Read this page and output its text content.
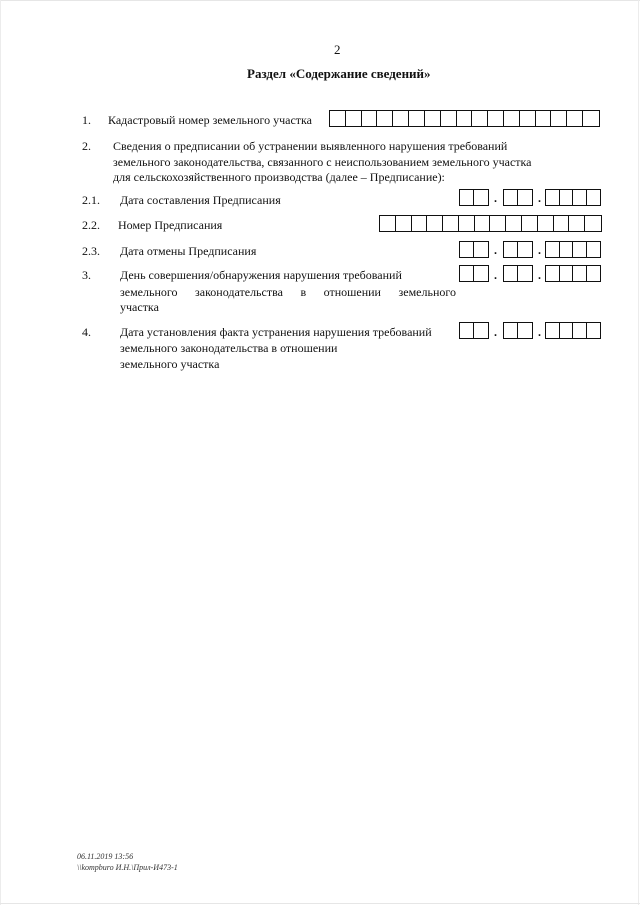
2
Раздел «Содержание сведений»
1. Кадастровый номер земельного участка
2. Сведения о предписании об устранении выявленного нарушения требований
земельного законодательства, связанного с неиспользованием земельного участка
для сельскохозяйственного производства (далее – Предписание):
2.1. Дата составления Предписания	.	.
2.2. Номер Предписания
2.3. Дата отмены Предписания	.	.
3. День совершения/обнаружения нарушения требований
земельного законодательства в отношении земельного
участка
.	.
4. Дата установления факта устранения нарушения требований
земельного законодательства в отношении
земельного участка
.	.
06.11.2019 13:56
\\kompburo И.Н.\Прил-И473-1
